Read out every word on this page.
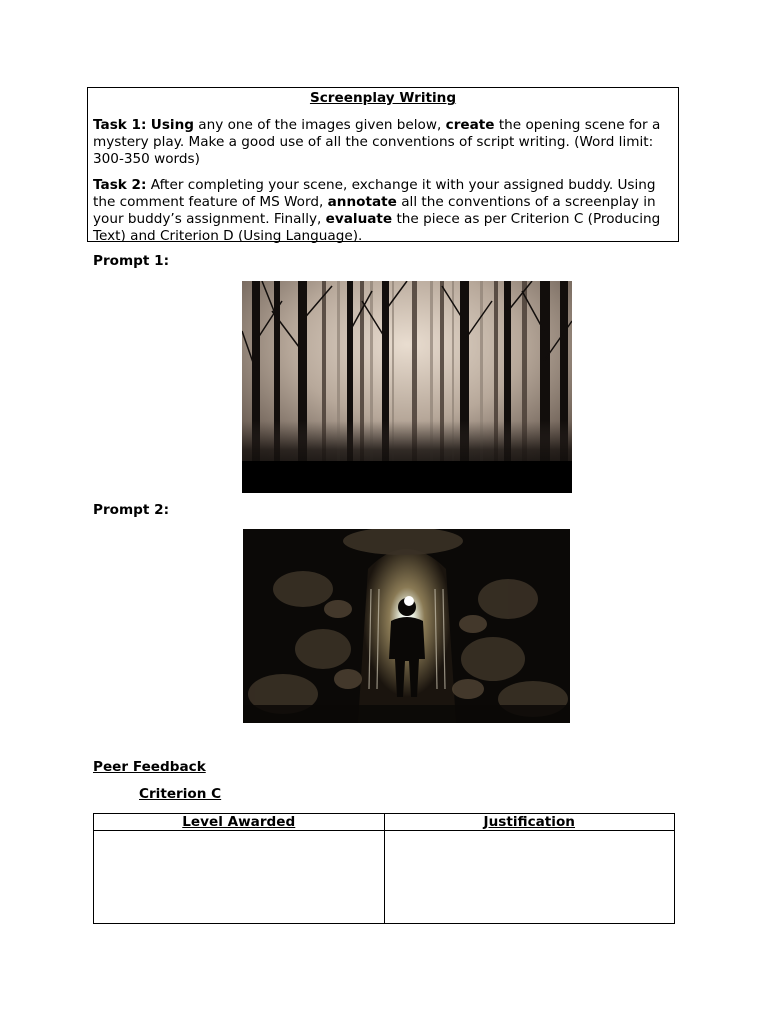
Screenplay Writing

Task 1: Using any one of the images given below, create the opening scene for a mystery play. Make a good use of all the conventions of script writing. (Word limit: 300-350 words)

Task 2: After completing your scene, exchange it with your assigned buddy. Using the comment feature of MS Word, annotate all the conventions of a screenplay in your buddy’s assignment. Finally, evaluate the piece as per Criterion C (Producing Text) and Criterion D (Using Language).

Prompt 1:
Prompt 2:
Peer Feedback
Criterion C
Level Awarded	Justification
